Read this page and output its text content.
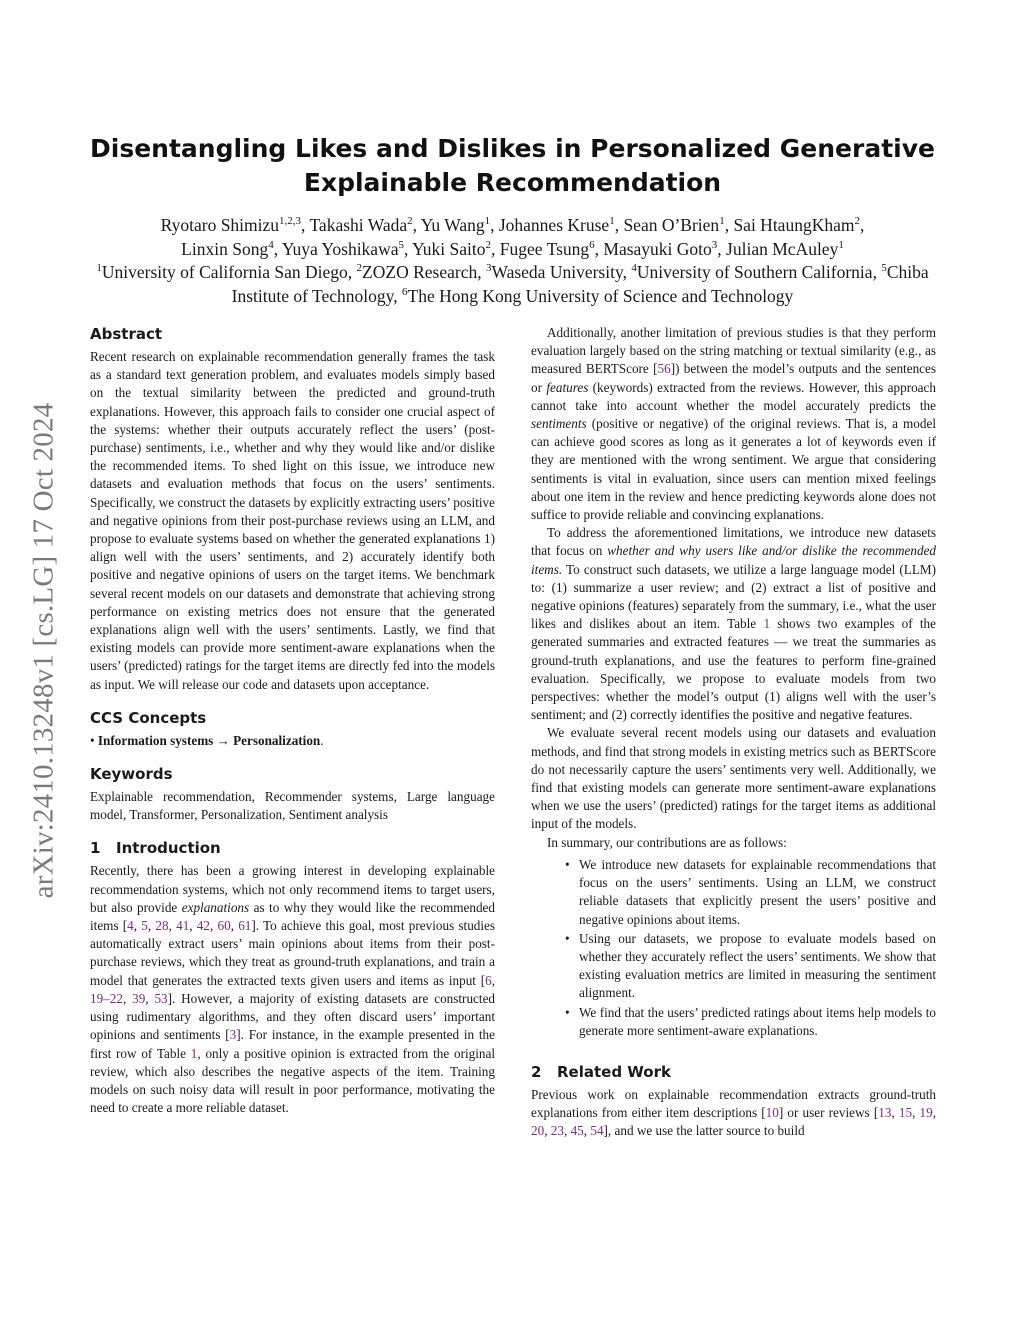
arXiv:2410.13248v1 [cs.LG] 17 Oct 2024
Disentangling Likes and Dislikes in Personalized Generative Explainable Recommendation
Ryotaro Shimizu$^{1,2,3}$, Takashi Wada$^2$, Yu Wang$^1$, Johannes Kruse$^1$, Sean O’Brien$^1$, Sai HtaungKham$^2$,
Linxin Song$^4$, Yuya Yoshikawa$^5$, Yuki Saito$^2$, Fugee Tsung$^6$, Masayuki Goto$^3$, Julian McAuley$^1$
$^1$University of California San Diego, $^2$ZOZO Research, $^3$Waseda University, $^4$University of Southern California, $^5$Chiba Institute of Technology, $^6$The Hong Kong University of Science and Technology
Abstract

Recent research on explainable recommendation generally frames the task as a standard text generation problem, and evaluates models simply based on the textual similarity between the predicted and ground-truth explanations. However, this approach fails to consider one crucial aspect of the systems: whether their outputs accurately reflect the users’ (post-purchase) sentiments, i.e., whether and why they would like and/or dislike the recommended items. To shed light on this issue, we introduce new datasets and evaluation methods that focus on the users’ sentiments. Specifically, we construct the datasets by explicitly extracting users’ positive and negative opinions from their post-purchase reviews using an LLM, and propose to evaluate systems based on whether the generated explanations 1) align well with the users’ sentiments, and 2) accurately identify both positive and negative opinions of users on the target items. We benchmark several recent models on our datasets and demonstrate that achieving strong performance on existing metrics does not ensure that the generated explanations align well with the users’ sentiments. Lastly, we find that existing models can provide more sentiment-aware explanations when the users’ (predicted) ratings for the target items are directly fed into the models as input. We will release our code and datasets upon acceptance.

CCS Concepts

• Information systems → Personalization.

Keywords

Explainable recommendation, Recommender systems, Large language model, Transformer, Personalization, Sentiment analysis

1 Introduction

Recently, there has been a growing interest in developing explainable recommendation systems, which not only recommend items to target users, but also provide explanations as to why they would like the recommended items [4, 5, 28, 41, 42, 60, 61]. To achieve this goal, most previous studies automatically extract users’ main opinions about items from their post-purchase reviews, which they treat as ground-truth explanations, and train a model that generates the extracted texts given users and items as input [6, 19–22, 39, 53]. However, a majority of existing datasets are constructed using rudimentary algorithms, and they often discard users’ important opinions and sentiments [3]. For instance, in the example presented in the first row of Table 1, only a positive opinion is extracted from the original review, which also describes the negative aspects of the item. Training models on such noisy data will result in poor performance, motivating the need to create a more reliable dataset.

Additionally, another limitation of previous studies is that they perform evaluation largely based on the string matching or textual similarity (e.g., as measured BERTScore [56]) between the model’s outputs and the sentences or features (keywords) extracted from the reviews. However, this approach cannot take into account whether the model accurately predicts the sentiments (positive or negative) of the original reviews. That is, a model can achieve good scores as long as it generates a lot of keywords even if they are mentioned with the wrong sentiment. We argue that considering sentiments is vital in evaluation, since users can mention mixed feelings about one item in the review and hence predicting keywords alone does not suffice to provide reliable and convincing explanations.

To address the aforementioned limitations, we introduce new datasets that focus on whether and why users like and/or dislike the recommended items. To construct such datasets, we utilize a large language model (LLM) to: (1) summarize a user review; and (2) extract a list of positive and negative opinions (features) separately from the summary, i.e., what the user likes and dislikes about an item. Table 1 shows two examples of the generated summaries and extracted features — we treat the summaries as ground-truth explanations, and use the features to perform fine-grained evaluation. Specifically, we propose to evaluate models from two perspectives: whether the model’s output (1) aligns well with the user’s sentiment; and (2) correctly identifies the positive and negative features.

We evaluate several recent models using our datasets and evaluation methods, and find that strong models in existing metrics such as BERTScore do not necessarily capture the users’ sentiments very well. Additionally, we find that existing models can generate more sentiment-aware explanations when we use the users’ (predicted) ratings for the target items as additional input of the models.

In summary, our contributions are as follows:

• We introduce new datasets for explainable recommendations that focus on the users’ sentiments. Using an LLM, we construct reliable datasets that explicitly present the users’ positive and negative opinions about items.
• Using our datasets, we propose to evaluate models based on whether they accurately reflect the users’ sentiments. We show that existing evaluation metrics are limited in measuring the sentiment alignment.
• We find that the users’ predicted ratings about items help models to generate more sentiment-aware explanations.
2 Related Work

Previous work on explainable recommendation extracts ground-truth explanations from either item descriptions [10] or user reviews [13, 15, 19, 20, 23, 45, 54], and we use the latter source to build
